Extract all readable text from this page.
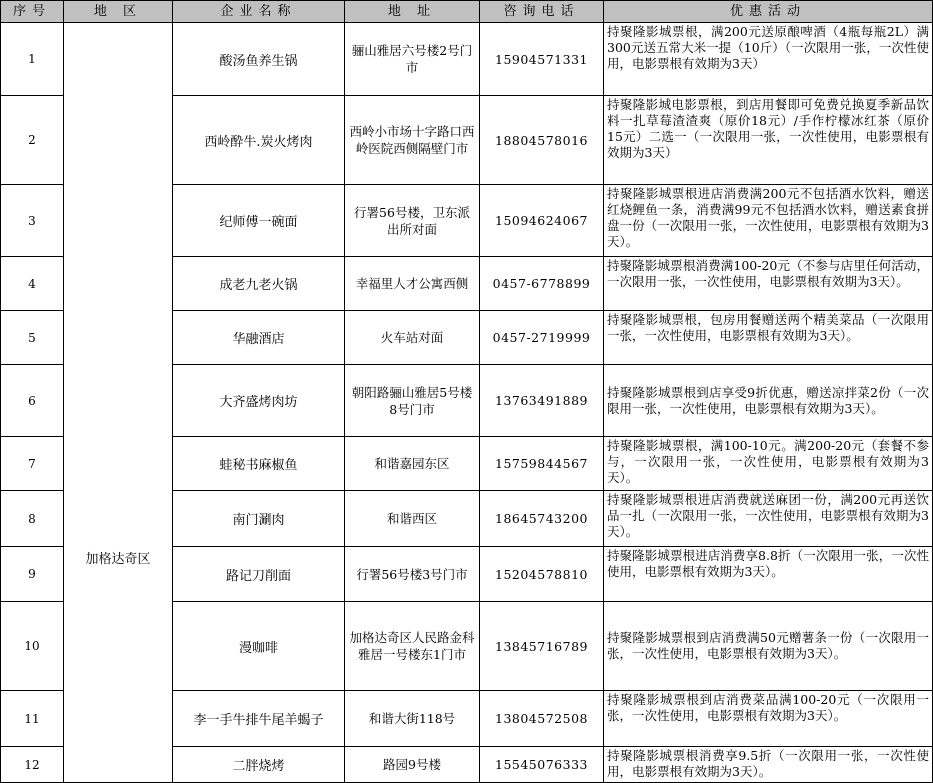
序号	地 区	企业名称	地 址	咨询电话	优惠活动
1	加格达奇区	酸汤鱼养生锅	骊山雅居六号楼2号门市	15904571331	持聚隆影城票根，满200元送原酿啤酒（4瓶每瓶2L）满300元送五常大米一提（10斤）（一次限用一张，一次性使用，电影票根有效期为3天）
2		西岭酔牛.炭火烤肉	西岭小市场十字路口西岭医院西侧隔壁门市	18804578016	持聚隆影城电影票根，到店用餐即可免费兑换夏季新品饮料一扎草莓渣渣爽（原价18元）/手作柠檬冰红茶（原价15元）二选一（一次限用一张，一次性使用，电影票根有效期为3天）
3		纪师傅一碗面	行署56号楼，卫东派出所对面	15094624067	持聚隆影城票根进店消费满200元不包括酒水饮料，赠送红烧鲤鱼一条，消费满99元不包括酒水饮料，赠送素食拼盘一份（一次限用一张，一次性使用，电影票根有效期为3天）。
4		成老九老火锅	幸福里人才公寓西侧	0457-6778899	持聚隆影城票根消费满100-20元（不参与店里任何活动，一次限用一张，一次性使用，电影票根有效期为3天）。
5		华融酒店	火车站对面	0457-2719999	持聚隆影城票根，包房用餐赠送两个精美菜品（一次限用一张，一次性使用，电影票根有效期为3天）。
6		大齐盛烤肉坊	朝阳路骊山雅居5号楼8号门市	13763491889	持聚隆影城票根到店享受9折优惠，赠送凉拌菜2份（一次限用一张，一次性使用，电影票根有效期为3天）。
7		蛙秘书麻椒鱼	和谐嘉园东区	15759844567	持聚隆影城票根，满100-10元。满200-20元（套餐不参与，一次限用一张，一次性使用，电影票根有效期为3天）。
8		南门涮肉	和谐西区	18645743200	持聚隆影城票根进店消费就送麻团一份，满200元再送饮品一扎（一次限用一张，一次性使用，电影票根有效期为3天）。
9		路记刀削面	行署56号楼3号门市	15204578810	持聚隆影城票根进店消费享8.8折（一次限用一张，一次性使用，电影票根有效期为3天）。
10		漫咖啡	加格达奇区人民路金科雅居一号楼东1门市	13845716789	持聚隆影城票根到店消费满50元赠薯条一份（一次限用一张，一次性使用，电影票根有效期为3天）。
11		李一手牛排牛尾羊蝎子	和谐大街118号	13804572508	持聚隆影城票根到店消费菜品满100-20元（一次限用一张，一次性使用，电影票根有效期为3天）。
12		二胖烧烤	路园9号楼	15545076333	持聚隆影城票根消费享9.5折（一次限用一张，一次性使用，电影票根有效期为3天）。
